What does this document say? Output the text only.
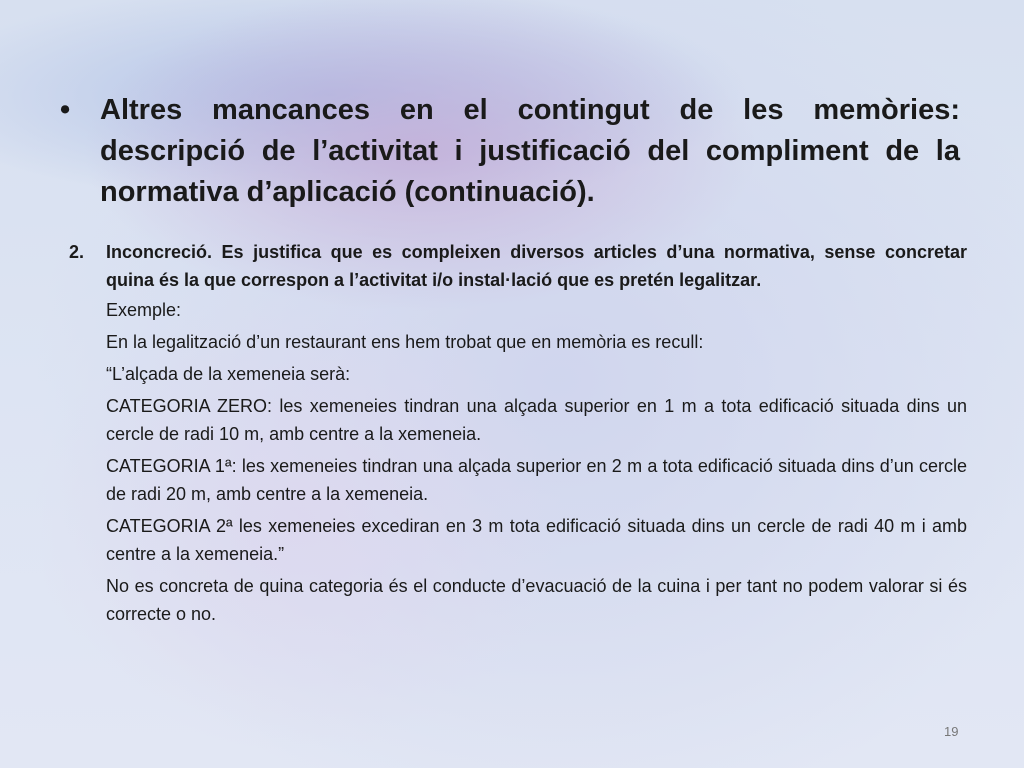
• Altres mancances en el contingut de les memòries: descripció de l’activitat i justificació del compliment de la normativa d’aplicació (continuació).
2. Inconcreció. Es justifica que es compleixen diversos articles d’una normativa, sense concretar quina és la que correspon a l’activitat i/o instal·lació que es pretén legalitzar.

Exemple:

En la legalització d’un restaurant ens hem trobat que en memòria es recull:

“L’alçada de la xemeneia serà:

CATEGORIA ZERO: les xemeneies tindran una alçada superior en 1 m a tota edificació situada dins un cercle de radi 10 m, amb centre a la xemeneia.

CATEGORIA 1ª: les xemeneies tindran una alçada superior en 2 m a tota edificació situada dins d’un cercle de radi 20 m, amb centre a la xemeneia.

CATEGORIA 2ª les xemeneies excediran en 3 m tota edificació situada dins un cercle de radi 40 m i amb centre a la xemeneia.”

No es concreta de quina categoria és el conducte d’evacuació de la cuina i per tant no podem valorar si és correcte o no.

19
